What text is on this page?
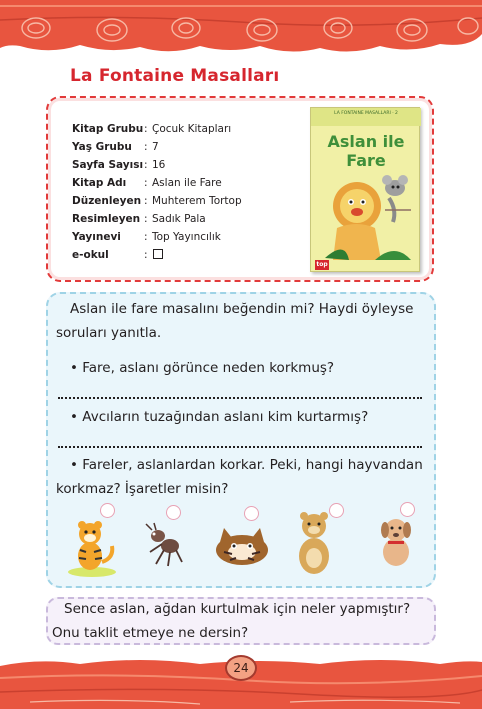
La Fontaine Masalları
Kitap Grubu : Çocuk Kitapları
Yaş Grubu	: 7
Sayfa Sayısı : 16
Kitap Adı	: Aslan ile Fare
Düzenleyen : Muhterem Tortop
Resimleyen : Sadık Pala
Yayınevi	: Top Yayıncılık
e-okul	:
LA FONTAINE MASALLARI · 2
Aslan ile
Fare
top
Aslan ile fare masalını beğendin mi? Haydi öyleyse
soruları yanıtla.
• Fare, aslanı görünce neden korkmuş?
• Avcıların tuzağından aslanı kim kurtarmış?
• Fareler, aslanlardan korkar. Peki, hangi hayvandan
korkmaz? İşaretler misin?
Sence aslan, ağdan kurtulmak için neler yapmıştır?
Onu taklit etmeye ne dersin?
24
